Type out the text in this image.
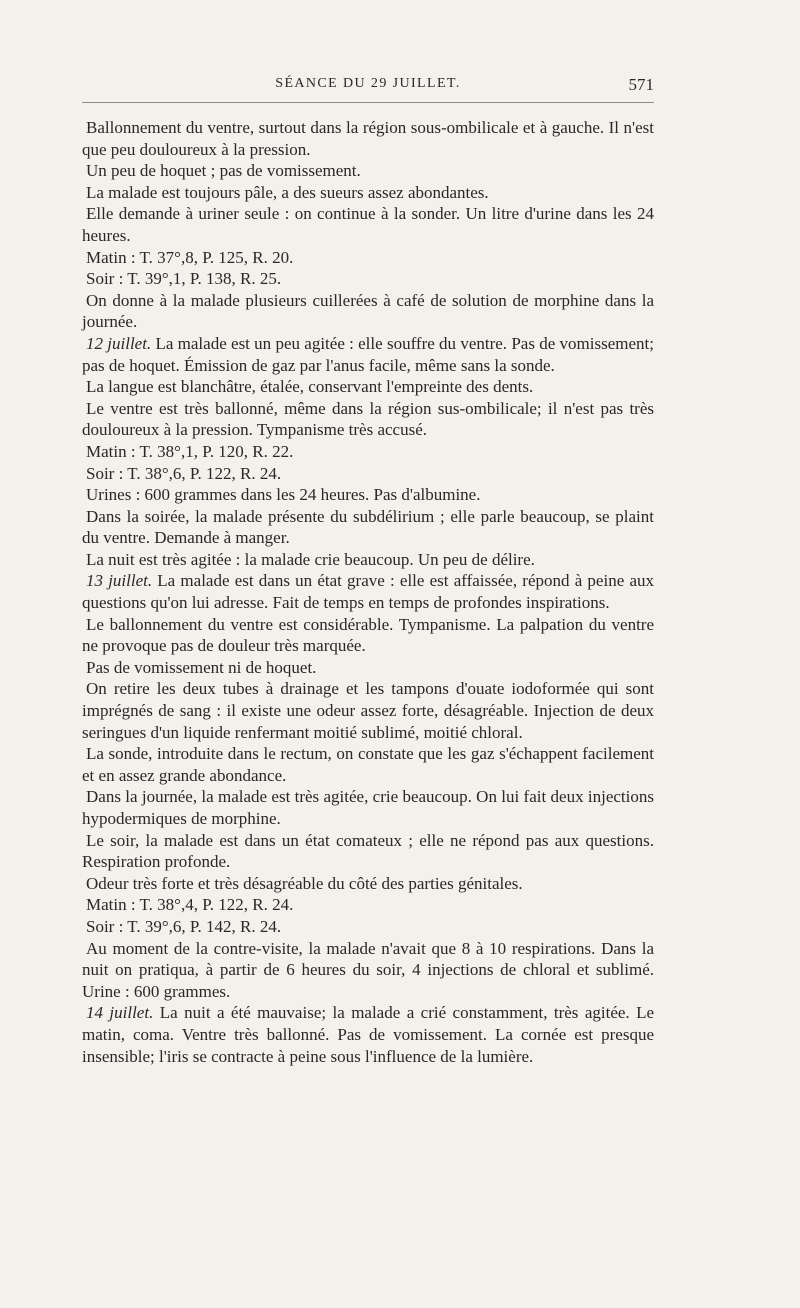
SÉANCE DU 29 JUILLET.	571

Ballonnement du ventre, surtout dans la région sous-ombilicale et à gauche. Il n'est que peu douloureux à la pression.

Un peu de hoquet ; pas de vomissement.

La malade est toujours pâle, a des sueurs assez abondantes.

Elle demande à uriner seule : on continue à la sonder. Un litre d'urine dans les 24 heures.

Matin : T. 37°,8, P. 125, R. 20.

Soir : T. 39°,1, P. 138, R. 25.

On donne à la malade plusieurs cuillerées à café de solution de morphine dans la journée.

12 juillet. La malade est un peu agitée : elle souffre du ventre. Pas de vomissement; pas de hoquet. Émission de gaz par l'anus facile, même sans la sonde.

La langue est blanchâtre, étalée, conservant l'empreinte des dents.

Le ventre est très ballonné, même dans la région sus-ombilicale; il n'est pas très douloureux à la pression. Tympanisme très accusé.

Matin : T. 38°,1, P. 120, R. 22.

Soir : T. 38°,6, P. 122, R. 24.

Urines : 600 grammes dans les 24 heures. Pas d'albumine.

Dans la soirée, la malade présente du subdélirium ; elle parle beaucoup, se plaint du ventre. Demande à manger.

La nuit est très agitée : la malade crie beaucoup. Un peu de délire.

13 juillet. La malade est dans un état grave : elle est affaissée, répond à peine aux questions qu'on lui adresse. Fait de temps en temps de profondes inspirations.

Le ballonnement du ventre est considérable. Tympanisme. La palpation du ventre ne provoque pas de douleur très marquée.

Pas de vomissement ni de hoquet.

On retire les deux tubes à drainage et les tampons d'ouate iodoformée qui sont imprégnés de sang : il existe une odeur assez forte, désagréable. Injection de deux seringues d'un liquide renfermant moitié sublimé, moitié chloral.

La sonde, introduite dans le rectum, on constate que les gaz s'échappent facilement et en assez grande abondance.

Dans la journée, la malade est très agitée, crie beaucoup. On lui fait deux injections hypodermiques de morphine.

Le soir, la malade est dans un état comateux ; elle ne répond pas aux questions. Respiration profonde.

Odeur très forte et très désagréable du côté des parties génitales.

Matin : T. 38°,4, P. 122, R. 24.

Soir : T. 39°,6, P. 142, R. 24.

Au moment de la contre-visite, la malade n'avait que 8 à 10 respirations. Dans la nuit on pratiqua, à partir de 6 heures du soir, 4 injections de chloral et sublimé. Urine : 600 grammes.

14 juillet. La nuit a été mauvaise; la malade a crié constamment, très agitée. Le matin, coma. Ventre très ballonné. Pas de vomissement. La cornée est presque insensible; l'iris se contracte à peine sous l'influence de la lumière.
